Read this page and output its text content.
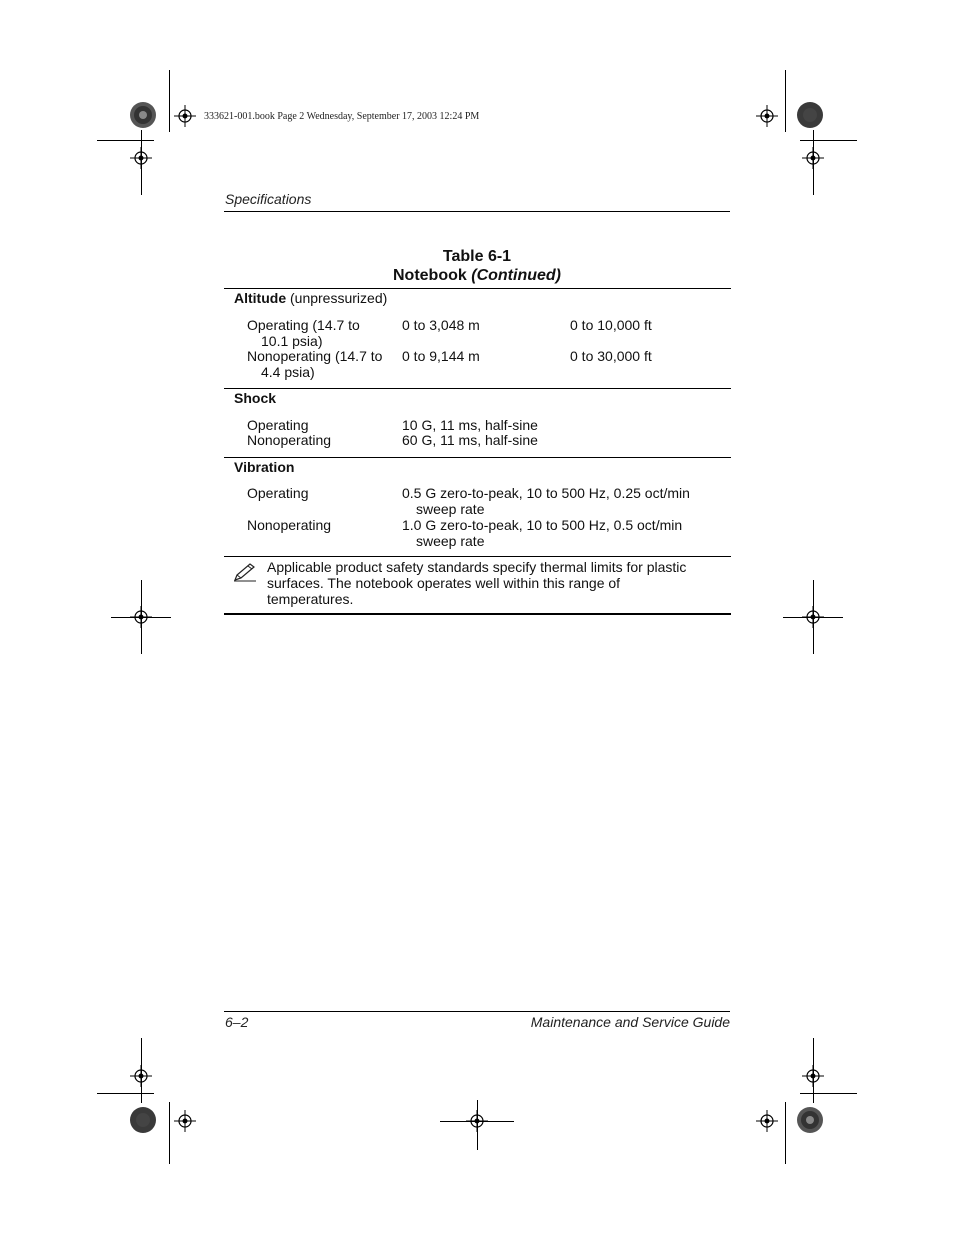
333621-001.book Page 2 Wednesday, September 17, 2003 12:24 PM
Specifications
Table 6-1
Notebook (Continued)
Altitude (unpressurized)
Operating (14.7 to
10.1 psia)
0 to 3,048 m	0 to 10,000 ft
Nonoperating (14.7 to
4.4 psia)
0 to 9,144 m	0 to 30,000 ft
Shock
Operating	10 G, 11 ms, half-sine
Nonoperating	60 G, 11 ms, half-sine
Vibration
Operating	0.5 G zero-to-peak, 10 to 500 Hz, 0.25 oct/min
sweep rate
Nonoperating	1.0 G zero-to-peak, 10 to 500 Hz, 0.5 oct/min
sweep rate
Applicable product safety standards specify thermal limits for plastic
surfaces. The notebook operates well within this range of
temperatures.
6–2	Maintenance and Service Guide
